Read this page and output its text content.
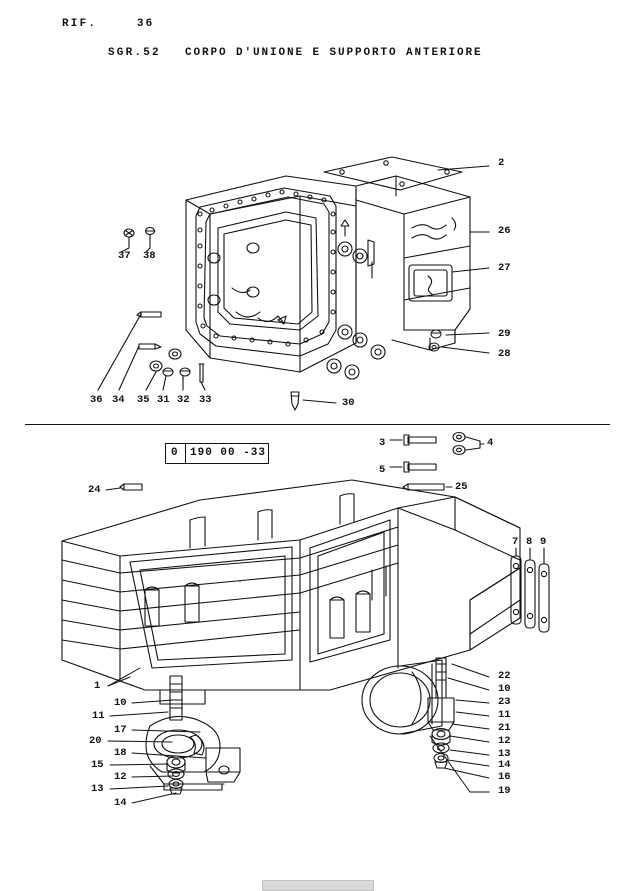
RIF.	36
SGR.52 CORPO D'UNIONE E SUPPORTO ANTERIORE
0 190 00 -33
2
26
27
29
28
37 38
36 34 35 31 32 33	30
3	4
5
25
24
7 8 9
1
10
11
17
20
18
15
12
13
14
22
10
23
11
21
12
13
14
16
19
